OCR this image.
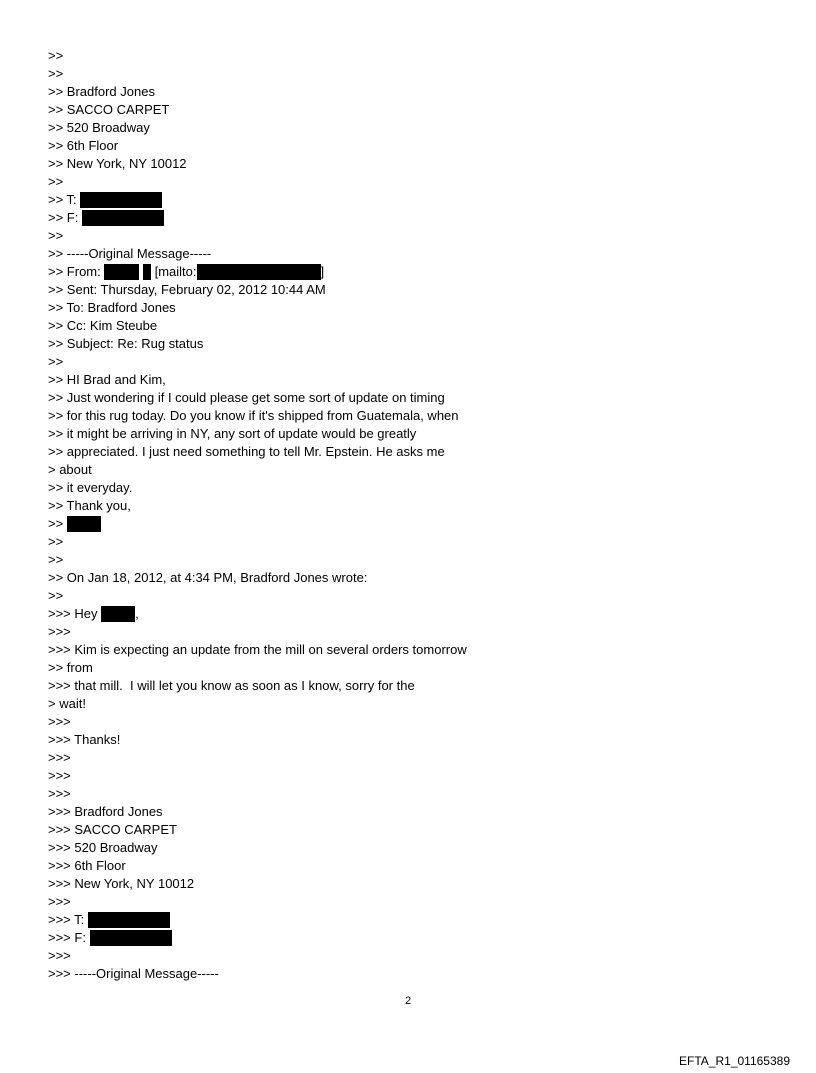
>>
>>
>> Bradford Jones
>> SACCO CARPET
>> 520 Broadway
>> 6th Floor
>> New York, NY 10012
>>
>> T:
>> F:
>>
>> -----Original Message-----
>> From:
	[mailto:	]
>> Sent: Thursday, February 02, 2012 10:44 AM
>> To: Bradford Jones
>> Cc: Kim Steube
>> Subject: Re: Rug status
>>
>> HI Brad and Kim,
>> Just wondering if I could please get some sort of update on timing
>> for this rug today. Do you know if it's shipped from Guatemala, when
>> it might be arriving in NY, any sort of update would be greatly
>> appreciated. I just need something to tell Mr. Epstein. He asks me
> about
>> it everyday.
>> Thank you,
>>
>>
>>
>> On Jan 18, 2012, at 4:34 PM, Bradford Jones wrote:
>>
>>> Hey	,
>>>
>>> Kim is expecting an update from the mill on several orders tomorrow
>> from
>>> that mill.  I will let you know as soon as I know, sorry for the
> wait!
>>>
>>> Thanks!
>>>
>>>
>>>
>>> Bradford Jones
>>> SACCO CARPET
>>> 520 Broadway
>>> 6th Floor
>>> New York, NY 10012
>>>
>>> T:
>>> F:
>>>
>>> -----Original Message-----
2
EFTA_R1_01165389
